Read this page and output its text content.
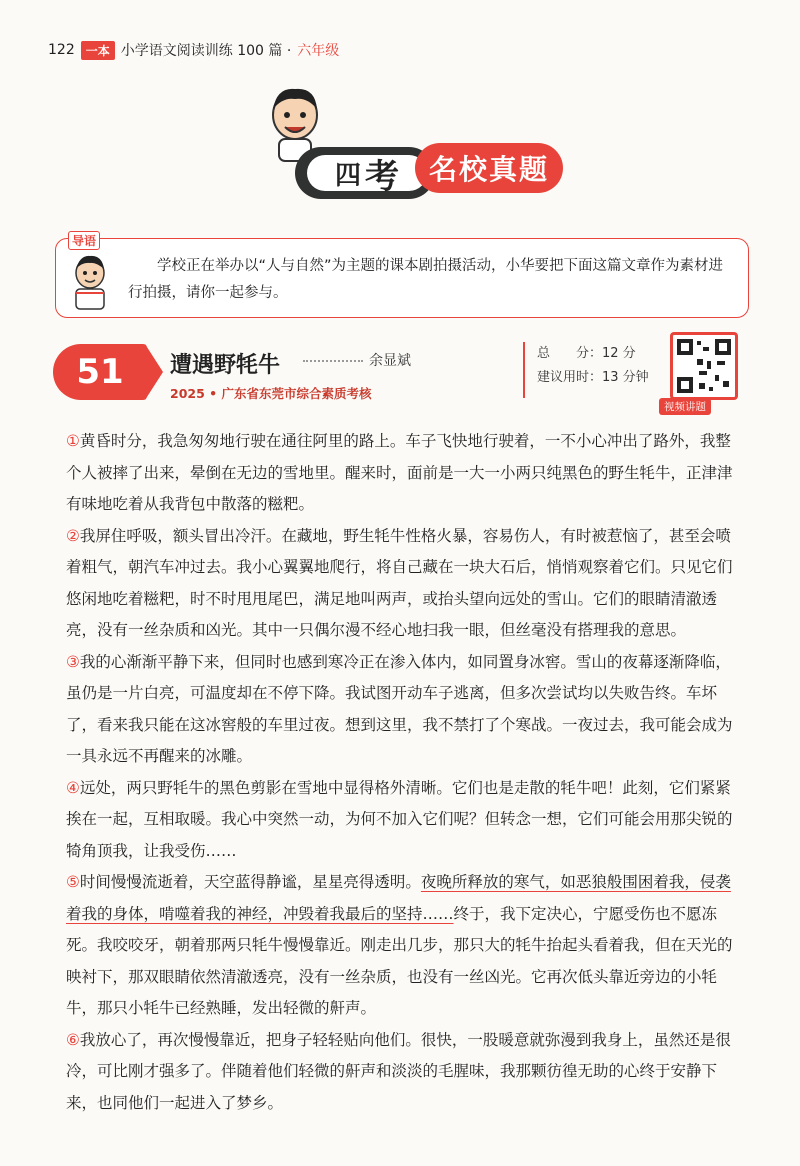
122 一本 小学语文阅读训练 100 篇 · 六年级
四 考	名校真题
导语
学校正在举办以“人与自然”为主题的课本剧拍摄活动，小华要把下面这篇文章作为素材进行拍摄，请你一起参与。
51	遭遇野牦牛	余显斌
2025 • 广东省东莞市综合素质考核
总　　分：12 分
建议用时：13 分钟
视频讲题

①黄昏时分，我急匆匆地行驶在通往阿里的路上。车子飞快地行驶着，一不小心冲出了路外，我整个人被摔了出来，晕倒在无边的雪地里。醒来时，面前是一大一小两只纯黑色的野生牦牛，正津津有味地吃着从我背包中散落的糍粑。

②我屏住呼吸，额头冒出冷汗。在藏地，野生牦牛性格火暴，容易伤人，有时被惹恼了，甚至会喷着粗气，朝汽车冲过去。我小心翼翼地爬行，将自己藏在一块大石后，悄悄观察着它们。只见它们悠闲地吃着糍粑，时不时甩甩尾巴，满足地叫两声，或抬头望向远处的雪山。它们的眼睛清澈透亮，没有一丝杂质和凶光。其中一只偶尔漫不经心地扫我一眼，但丝毫没有搭理我的意思。

③我的心渐渐平静下来，但同时也感到寒冷正在渗入体内，如同置身冰窖。雪山的夜幕逐渐降临，虽仍是一片白亮，可温度却在不停下降。我试图开动车子逃离，但多次尝试均以失败告终。车坏了，看来我只能在这冰窖般的车里过夜。想到这里，我不禁打了个寒战。一夜过去，我可能会成为一具永远不再醒来的冰雕。

④远处，两只野牦牛的黑色剪影在雪地中显得格外清晰。它们也是走散的牦牛吧！此刻，它们紧紧挨在一起，互相取暖。我心中突然一动，为何不加入它们呢？但转念一想，它们可能会用那尖锐的犄角顶我，让我受伤……

⑤时间慢慢流逝着，天空蓝得静谧，星星亮得透明。夜晚所释放的寒气，如恶狼般围困着我，侵袭着我的身体，啃噬着我的神经，冲毁着我最后的坚持……终于，我下定决心，宁愿受伤也不愿冻死。我咬咬牙，朝着那两只牦牛慢慢靠近。刚走出几步，那只大的牦牛抬起头看着我，但在天光的映衬下，那双眼睛依然清澈透亮，没有一丝杂质，也没有一丝凶光。它再次低头靠近旁边的小牦牛，那只小牦牛已经熟睡，发出轻微的鼾声。

⑥我放心了，再次慢慢靠近，把身子轻轻贴向他们。很快，一股暖意就弥漫到我身上，虽然还是很冷，可比刚才强多了。伴随着他们轻微的鼾声和淡淡的毛腥味，我那颗彷徨无助的心终于安静下来，也同他们一起进入了梦乡。
